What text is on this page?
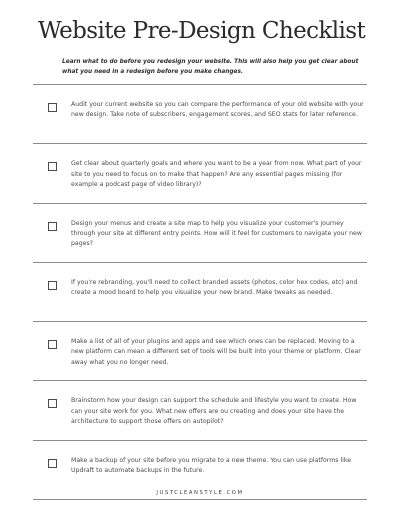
Website Pre-Design Checklist
Learn what to do before you redesign your website. This will also help you get clear about what you need in a redesign before you make changes.
Audit your current website so you can compare the performance of your old website with your new design. Take note of subscribers, engagement scores, and SEO stats for later reference.
Get clear about quarterly goals and where you want to be a year from now. What part of your site to you need to focus on to make that happen? Are any essential pages missing (for example a podcast page of video library)?
Design your menus and create a site map to help you visualize your customer's journey through your site at different entry points. How will it feel for customers to navigate your new pages?
If you're rebranding, you'll need to collect branded assets (photos, color hex codes, etc) and create a mood board to help you visualize your new brand. Make tweaks as needed.
Make a list of all of your plugins and apps and see which ones can be replaced. Moving to a new platform can mean a different set of tools will be built into your theme or platform. Clear away what you no longer need.
Brainstorm how your design can support the schedule and lifestyle you want to create. How can your site work for you. What new offers are ou creating and does your site have the architecture to support those offers on autopilot?
Make a backup of your site before you migrate to a new theme. You can use platforms like Updraft to automate backups in the future.
JUSTCLEANSTYLE.COM
